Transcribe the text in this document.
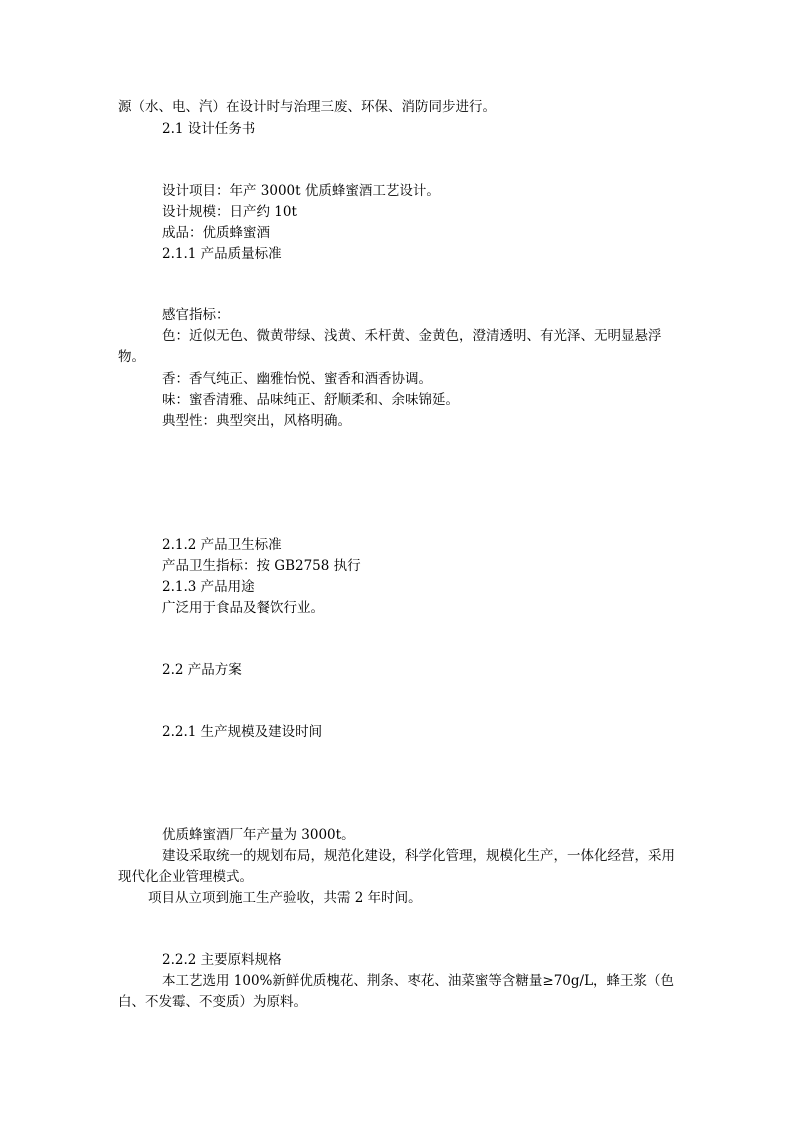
源（水、电、汽）在设计时与治理三废、环保、消防同步进行。
2.1 设计任务书
设计项目：年产 3000t 优质蜂蜜酒工艺设计。
设计规模：日产约 10t
成品：优质蜂蜜酒
2.1.1 产品质量标准
感官指标：
色：近似无色、微黄带绿、浅黄、禾杆黄、金黄色，澄清透明、有光泽、无明显悬浮物。
香：香气纯正、幽雅怡悦、蜜香和酒香协调。
味：蜜香清雅、品味纯正、舒顺柔和、余味锦延。
典型性：典型突出，风格明确。
2.1.2 产品卫生标准
产品卫生指标：按 GB2758 执行
2.1.3 产品用途
广泛用于食品及餐饮行业。
2.2 产品方案
2.2.1 生产规模及建设时间
优质蜂蜜酒厂年产量为 3000t。
建设采取统一的规划布局，规范化建设，科学化管理，规模化生产，一体化经营，采用现代化企业管理模式。
项目从立项到施工生产验收，共需 2 年时间。
2.2.2 主要原料规格
本工艺选用 100%新鲜优质槐花、荆条、枣花、油菜蜜等含糖量≥70g/L，蜂王浆（色白、不发霉、不变质）为原料。
